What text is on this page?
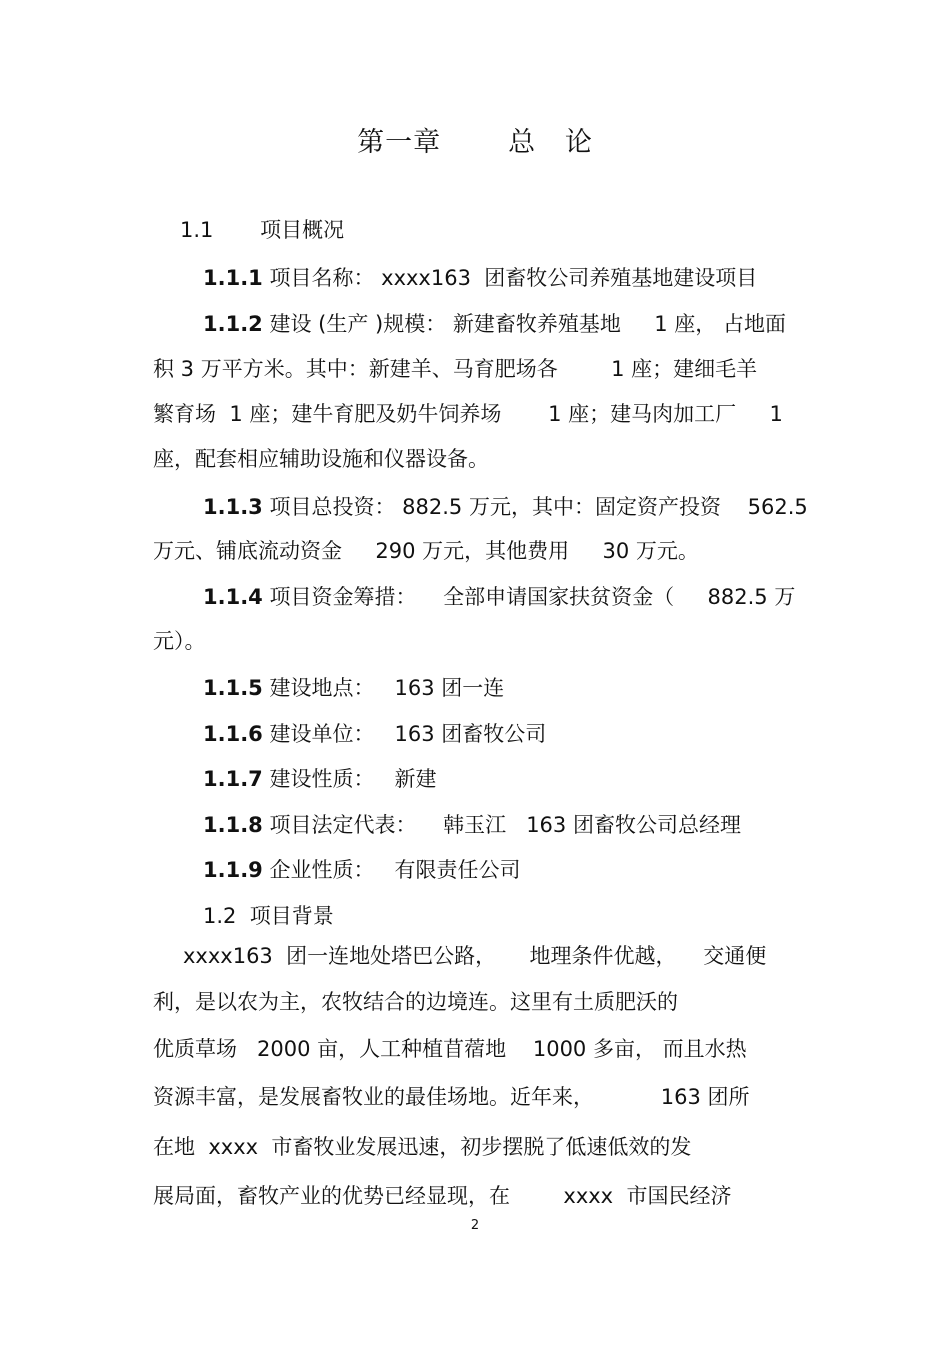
第一章       总   论
1.1 项目概况
1.1.1 项目名称： xxxx163  团畜牧公司养殖基地建设项目
1.1.2 建设 (生产 )规模： 新建畜牧养殖基地     1 座， 占地面
积 3 万平方米。其中：新建羊、马育肥场各        1 座；建细毛羊
繁育场  1 座；建牛育肥及奶牛饲养场       1 座；建马肉加工厂     1
座，配套相应辅助设施和仪器设备。
1.1.3 项目总投资： 882.5 万元，其中：固定资产投资    562.5
万元、铺底流动资金     290 万元，其他费用     30 万元。
1.1.4 项目资金筹措：    全部申请国家扶贫资金（     882.5 万
元）。
1.1.5 建设地点：   163 团一连
1.1.6 建设单位：   163 团畜牧公司
1.1.7 建设性质：   新建
1.1.8 项目法定代表：    韩玉江   163 团畜牧公司总经理
1.1.9 企业性质：   有限责任公司
1.2 项目背景
xxxx163  团一连地处塔巴公路，     地理条件优越，    交通便
利，是以农为主，农牧结合的边境连。这里有土质肥沃的
优质草场   2000 亩，人工种植苜蓿地    1000 多亩， 而且水热
资源丰富，是发展畜牧业的最佳场地。近年来，          163 团所
在地  xxxx  市畜牧业发展迅速，初步摆脱了低速低效的发
展局面，畜牧产业的优势已经显现，在        xxxx  市国民经济
2
